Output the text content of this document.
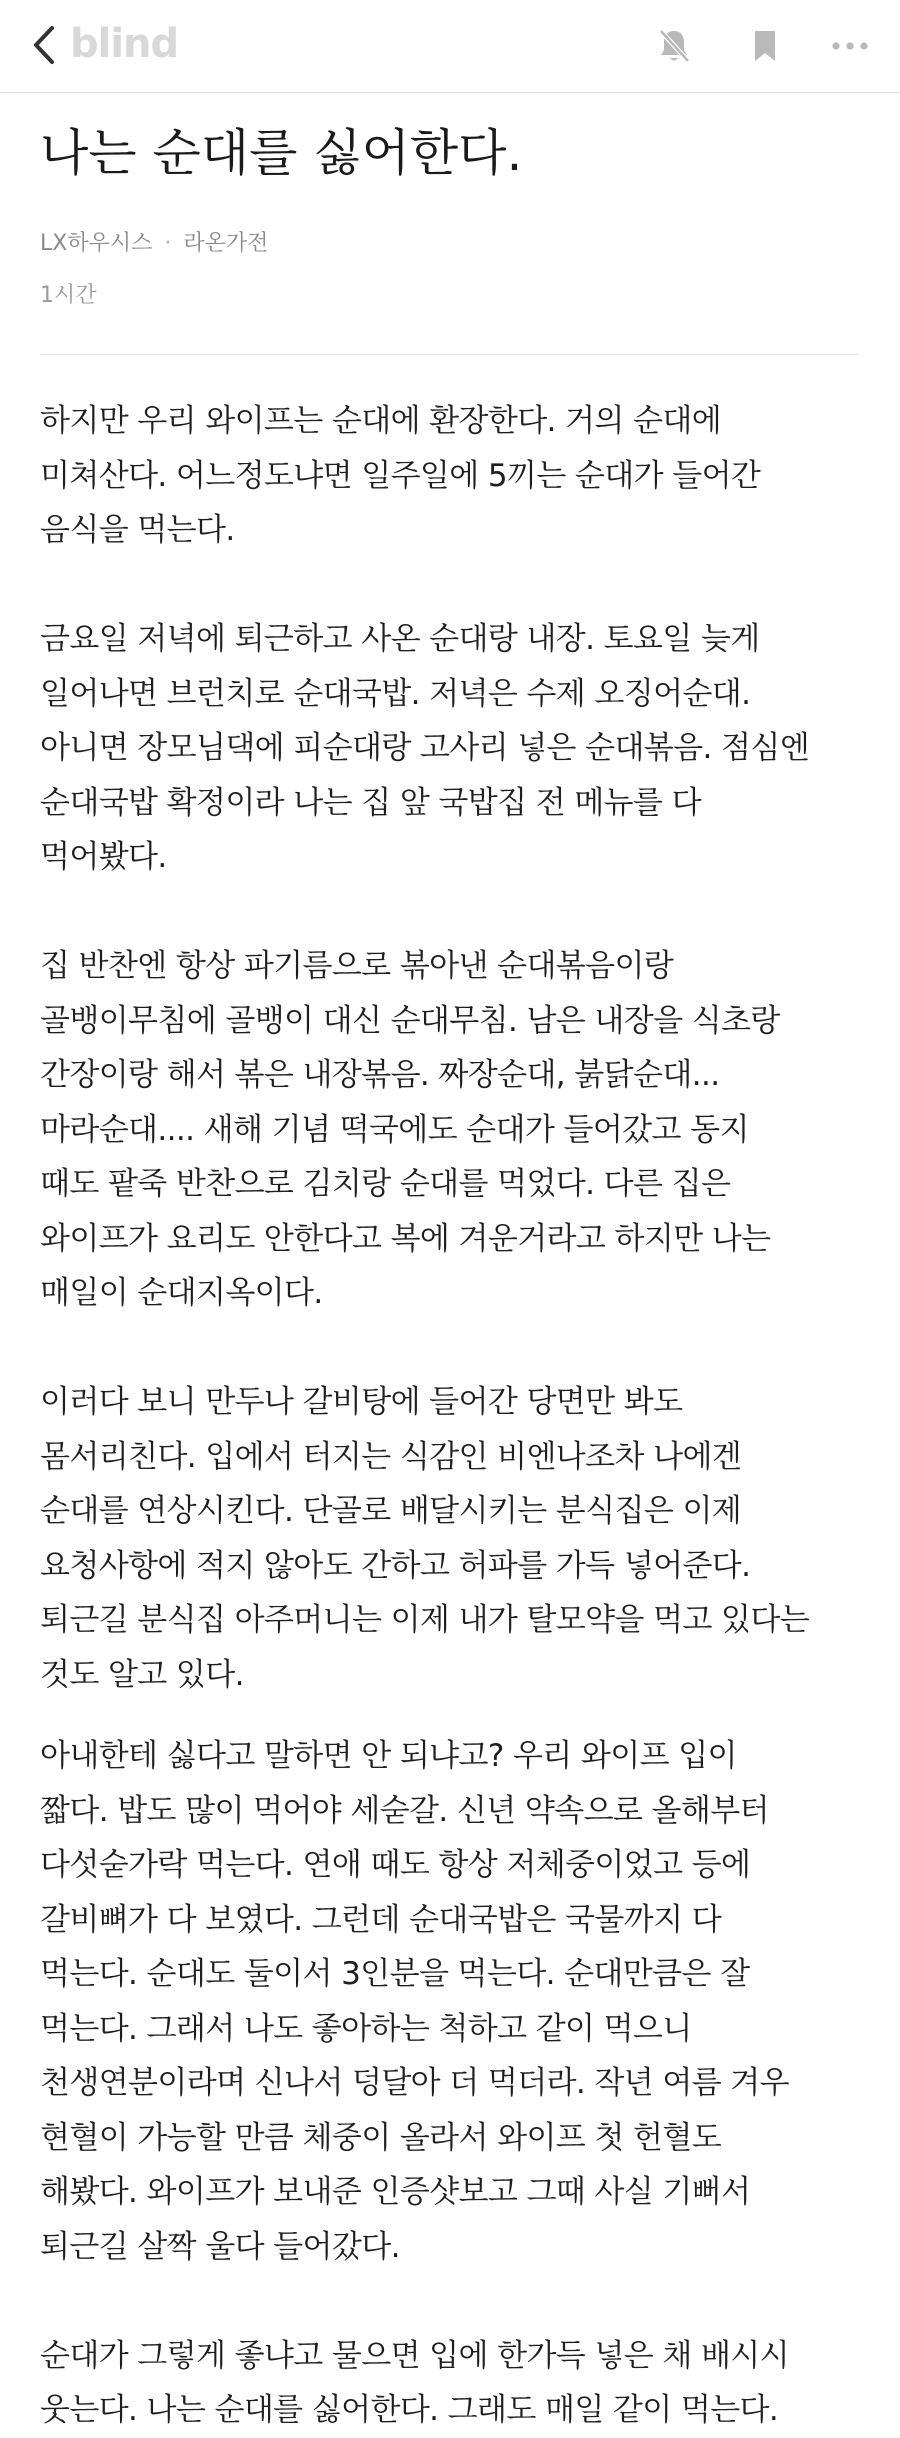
blind
나는 순대를 싫어한다.
LX하우시스 · 라온가전
1시간

하지만 우리 와이프는 순대에 환장한다. 거의 순대에
미쳐산다. 어느정도냐면 일주일에 5끼는 순대가 들어간
음식을 먹는다.

금요일 저녁에 퇴근하고 사온 순대랑 내장. 토요일 늦게
일어나면 브런치로 순대국밥. 저녁은 수제 오징어순대.
아니면 장모님댁에 피순대랑 고사리 넣은 순대볶음. 점심엔
순대국밥 확정이라 나는 집 앞 국밥집 전 메뉴를 다
먹어봤다.

집 반찬엔 항상 파기름으로 볶아낸 순대볶음이랑
골뱅이무침에 골뱅이 대신 순대무침. 남은 내장을 식초랑
간장이랑 해서 볶은 내장볶음. 짜장순대, 붉닭순대...
마라순대.... 새해 기념 떡국에도 순대가 들어갔고 동지
때도 팥죽 반찬으로 김치랑 순대를 먹었다. 다른 집은
와이프가 요리도 안한다고 복에 겨운거라고 하지만 나는
매일이 순대지옥이다.

이러다 보니 만두나 갈비탕에 들어간 당면만 봐도
몸서리친다. 입에서 터지는 식감인 비엔나조차 나에겐
순대를 연상시킨다. 단골로 배달시키는 분식집은 이제
요청사항에 적지 않아도 간하고 허파를 가득 넣어준다.
퇴근길 분식집 아주머니는 이제 내가 탈모약을 먹고 있다는
것도 알고 있다.

아내한테 싫다고 말하면 안 되냐고? 우리 와이프 입이
짧다. 밥도 많이 먹어야 세숟갈. 신년 약속으로 올해부터
다섯숟가락 먹는다. 연애 때도 항상 저체중이었고 등에
갈비뼈가 다 보였다. 그런데 순대국밥은 국물까지 다
먹는다. 순대도 둘이서 3인분을 먹는다. 순대만큼은 잘
먹는다. 그래서 나도 좋아하는 척하고 같이 먹으니
천생연분이라며 신나서 덩달아 더 먹더라. 작년 여름 겨우
현혈이 가능할 만큼 체중이 올라서 와이프 첫 헌혈도
해봤다. 와이프가 보내준 인증샷보고 그때 사실 기뻐서
퇴근길 살짝 울다 들어갔다.

순대가 그렇게 좋냐고 물으면 입에 한가득 넣은 채 배시시
웃는다. 나는 순대를 싫어한다. 그래도 매일 같이 먹는다.
